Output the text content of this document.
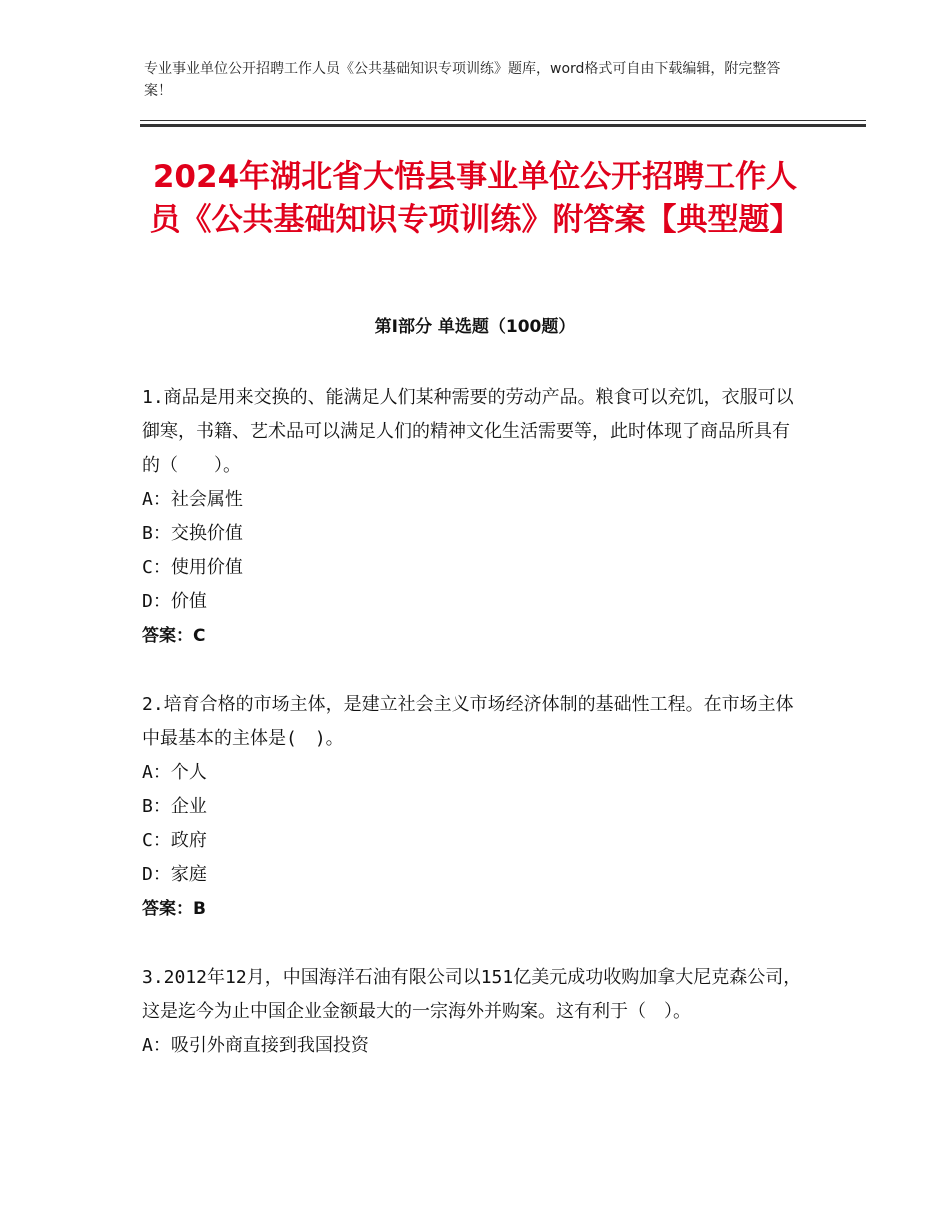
专业事业单位公开招聘工作人员《公共基础知识专项训练》题库，word格式可自由下载编辑，附完整答案！
2024年湖北省大悟县事业单位公开招聘工作人员《公共基础知识专项训练》附答案【典型题】
第Ⅰ部分 单选题（100题）

1.商品是用来交换的、能满足人们某种需要的劳动产品。粮食可以充饥，衣服可以御寒，书籍、艺术品可以满足人们的精神文化生活需要等，此时体现了商品所具有的（　　）。

A：社会属性

B：交换价值

C：使用价值

D：价值

答案：C

2.培育合格的市场主体，是建立社会主义市场经济体制的基础性工程。在市场主体中最基本的主体是(　)。

A：个人

B：企业

C：政府

D：家庭

答案：B

3.2012年12月，中国海洋石油有限公司以151亿美元成功收购加拿大尼克森公司，这是迄今为止中国企业金额最大的一宗海外并购案。这有利于（　）。

A：吸引外商直接到我国投资
